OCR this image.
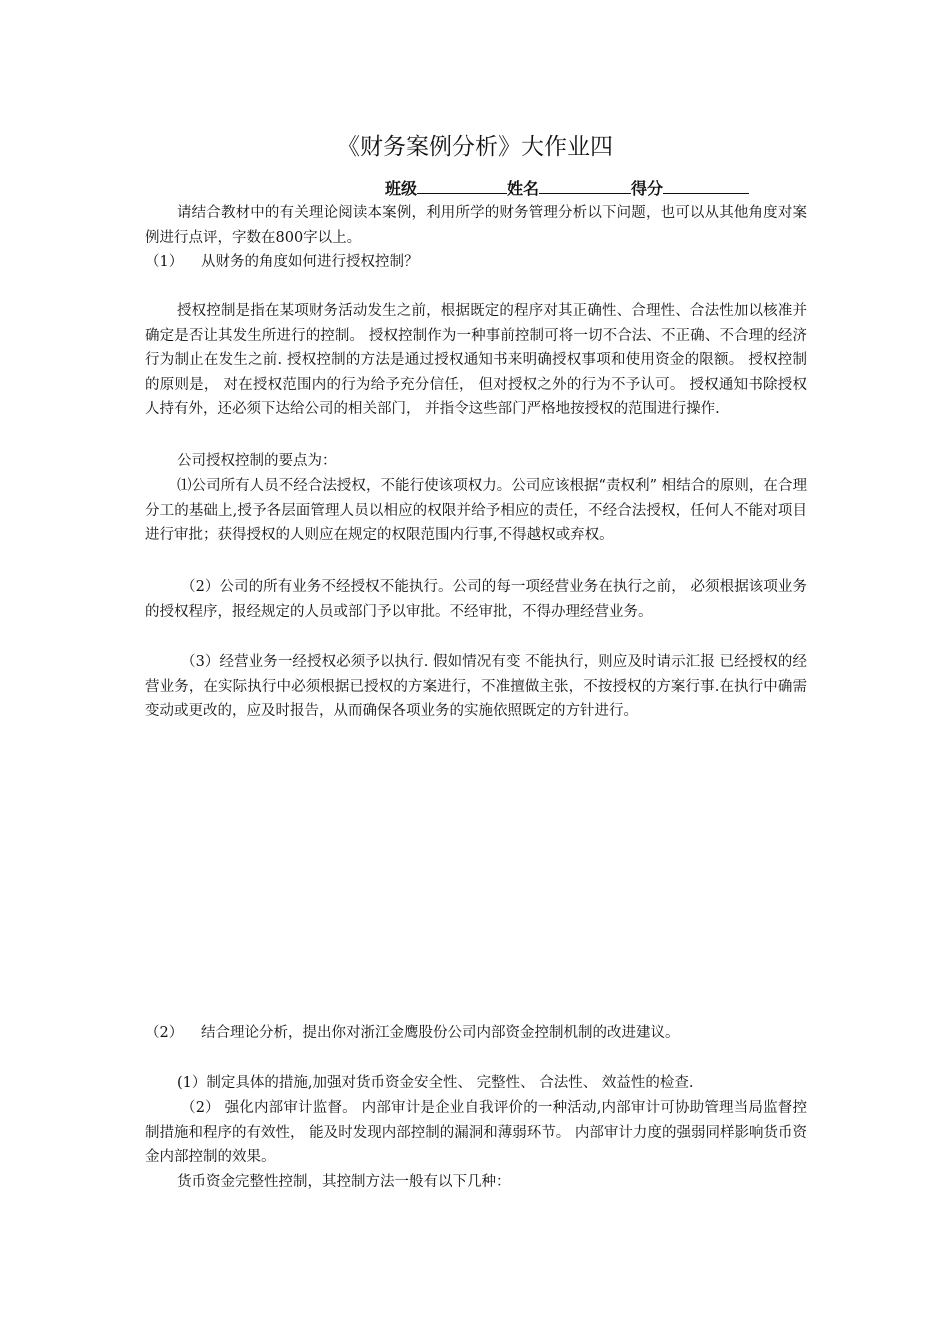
《财务案例分析》大作业四
班级	姓名	得分
请结合教材中的有关理论阅读本案例，利用所学的财务管理分析以下问题，也可以从其他角度对案例进行点评，字数在800字以上。
（1） 从财务的角度如何进行授权控制？
授权控制是指在某项财务活动发生之前，根据既定的程序对其正确性、合理性、合法性加以核准并确定是否让其发生所进行的控制。 授权控制作为一种事前控制可将一切不合法、不正确、不合理的经济行为制止在发生之前. 授权控制的方法是通过授权通知书来明确授权事项和使用资金的限额。 授权控制的原则是， 对在授权范围内的行为给予充分信任， 但对授权之外的行为不予认可。 授权通知书除授权人持有外，还必须下达给公司的相关部门， 并指令这些部门严格地按授权的范围进行操作.
公司授权控制的要点为：
⑴公司所有人员不经合法授权，不能行使该项权力。公司应该根据“责权利” 相结合的原则，在合理分工的基础上,授予各层面管理人员以相应的权限并给予相应的责任，不经合法授权，任何人不能对项目进行审批；获得授权的人则应在规定的权限范围内行事,不得越权或弃权。
（2）公司的所有业务不经授权不能执行。公司的每一项经营业务在执行之前， 必须根据该项业务的授权程序，报经规定的人员或部门予以审批。不经审批，不得办理经营业务。
（3）经营业务一经授权必须予以执行. 假如情况有变 不能执行，则应及时请示汇报 已经授权的经营业务，在实际执行中必须根据已授权的方案进行，不准擅做主张，不按授权的方案行事.在执行中确需变动或更改的，应及时报告，从而确保各项业务的实施依照既定的方针进行。
（2） 结合理论分析，提出你对浙江金鹰股份公司内部资金控制机制的改进建议。
(1）制定具体的措施,加强对货币资金安全性、 完整性、 合法性、 效益性的检查.
（2） 强化内部审计监督。 内部审计是企业自我评价的一种活动,内部审计可协助管理当局监督控制措施和程序的有效性， 能及时发现内部控制的漏洞和薄弱环节。 内部审计力度的强弱同样影响货币资金内部控制的效果。
货币资金完整性控制，其控制方法一般有以下几种：
